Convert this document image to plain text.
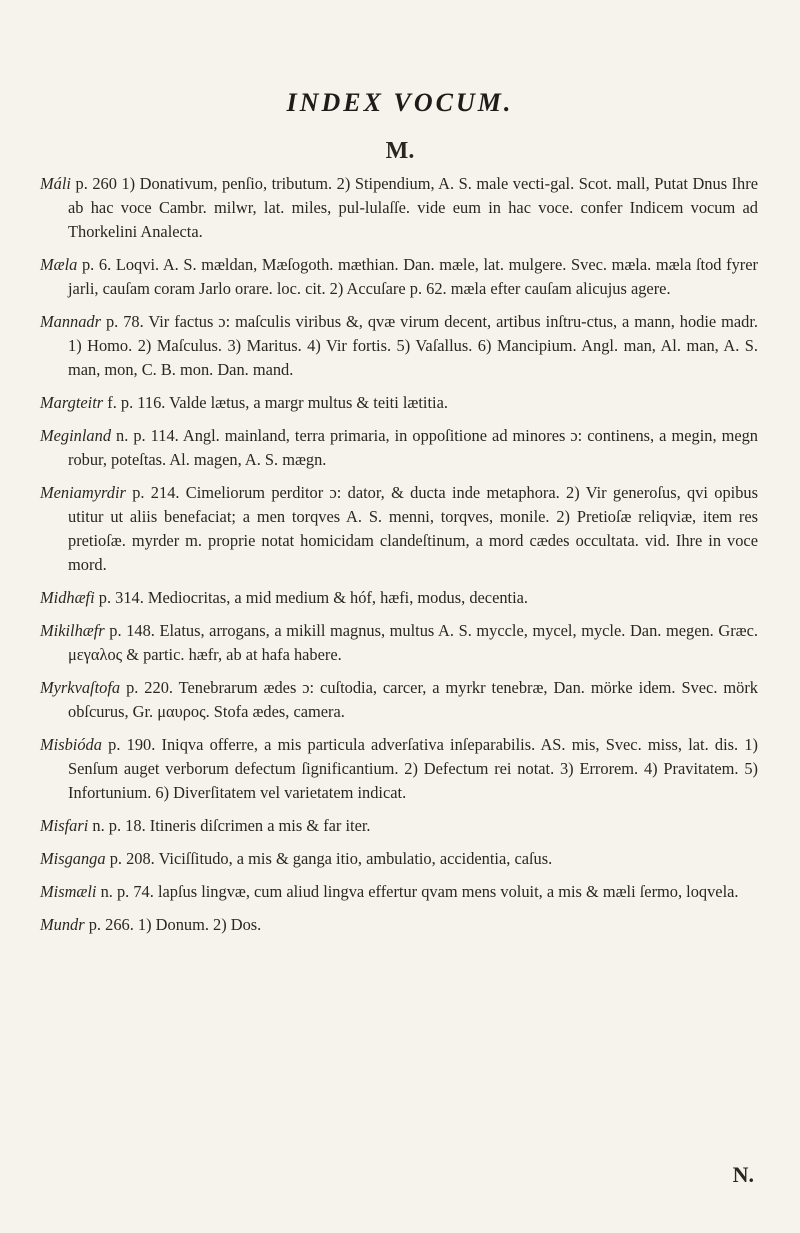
INDEX VOCUM.
M.

Máli p. 260 1) Donativum, penſio, tributum. 2) Stipendium, A. S. male vecti-gal. Scot. mall, Putat Dnus Ihre ab hac voce Cambr. milwr, lat. miles, pul-lulaſſe. vide eum in hac voce. confer Indicem vocum ad Thorkelini Analecta.

Mæla p. 6. Loqvi. A. S. mældan, Mæſogoth. mæthian. Dan. mæle, lat. mulgere. Svec. mæla. mæla ſtod fyrer jarli, cauſam coram Jarlo orare. loc. cit. 2) Accuſare p. 62. mæla efter cauſam alicujus agere.

Mannadr p. 78. Vir factus ɔ: maſculis viribus &, qvæ virum decent, artibus inſtru-ctus, a mann, hodie madr. 1) Homo. 2) Maſculus. 3) Maritus. 4) Vir fortis. 5) Vaſallus. 6) Mancipium. Angl. man, Al. man, A. S. man, mon, C. B. mon. Dan. mand.

Margteitr f. p. 116. Valde lætus, a margr multus & teiti lætitia.

Meginland n. p. 114. Angl. mainland, terra primaria, in oppoſitione ad minores ɔ: continens, a megin, megn robur, poteſtas. Al. magen, A. S. mægn.

Meniamyrdir p. 214. Cimeliorum perditor ɔ: dator, & ducta inde metaphora. 2) Vir generoſus, qvi opibus utitur ut aliis benefaciat; a men torqves A. S. menni, torqves, monile. 2) Pretioſæ reliqviæ, item res pretioſæ. myrder m. proprie notat homicidam clandeſtinum, a mord cædes occultata. vid. Ihre in voce mord.

Midhæfi p. 314. Mediocritas, a mid medium & hóf, hæfi, modus, decentia.

Mikilhæfr p. 148. Elatus, arrogans, a mikill magnus, multus A. S. myccle, mycel, mycle. Dan. megen. Græc. μεγαλος & partic. hæfr, ab at hafa habere.

Myrkvaſtofa p. 220. Tenebrarum ædes ɔ: cuſtodia, carcer, a myrkr tenebræ, Dan. mörke idem. Svec. mörk obſcurus, Gr. μαυρος. Stofa ædes, camera.

Misbióda p. 190. Iniqva offerre, a mis particula adverſativa inſeparabilis. AS. mis, Svec. miss, lat. dis. 1) Senſum auget verborum defectum ſignificantium. 2) Defectum rei notat. 3) Errorem. 4) Pravitatem. 5) Infortunium. 6) Diverſitatem vel varietatem indicat.

Misfari n. p. 18. Itineris diſcrimen a mis & far iter.

Misganga p. 208. Viciſſitudo, a mis & ganga itio, ambulatio, accidentia, caſus.

Mismæli n. p. 74. lapſus lingvæ, cum aliud lingva effertur qvam mens voluit, a mis & mæli ſermo, loqvela.

Mundr p. 266. 1) Donum. 2) Dos.

N.
